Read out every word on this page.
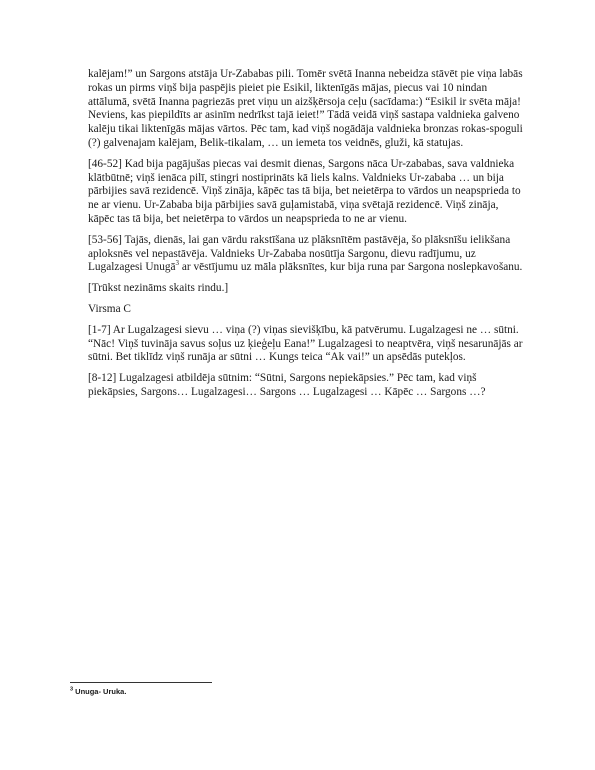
kalējam!” un Sargons atstāja Ur-Zababas pili. Tomēr svētā Inanna nebeidza stāvēt pie viņa labās
rokas un pirms viņš bija paspējis pieiet pie Esikil, liktenīgās mājas, piecus vai 10 nindan
attālumā, svētā Inanna pagriezās pret viņu un aizšķērsoja ceļu (sacīdama:) “Esikil ir svēta māja!
Neviens, kas piepildīts ar asinīm nedrīkst tajā ieiet!” Tādā veidā viņš sastapa valdnieka galveno
kalēju tikai liktenīgās mājas vārtos. Pēc tam, kad viņš nogādāja valdnieka bronzas rokas-spoguli
(?) galvenajam kalējam, Belik-tikalam, … un iemeta tos veidnēs, gluži, kā statujas.
[46-52] Kad bija pagājušas piecas vai desmit dienas, Sargons nāca Ur-zababas, sava valdnieka
klātbūtnē; viņš ienāca pilī, stingri nostiprināts kā liels kalns. Valdnieks Ur-zababa … un bija
pārbijies savā rezidencē. Viņš zināja, kāpēc tas tā bija, bet neietērpa to vārdos un neapsprieda to
ne ar vienu. Ur-Zababa bija pārbijies savā guļamistabā, viņa svētajā rezidencē. Viņš zināja,
kāpēc tas tā bija, bet neietērpa to vārdos un neapsprieda to ne ar vienu.
[53-56] Tajās, dienās, lai gan vārdu rakstīšana uz plāksnītēm pastāvēja, šo plāksnīšu ielikšana
aploksnēs vel nepastāvēja. Valdnieks Ur-Zababa nosūtīja Sargonu, dievu radījumu, uz
Lugalzagesi Unugā$^3$ ar vēstījumu uz māla plāksnītes, kur bija runa par Sargona noslepkavošanu.
[Trūkst nezināms skaits rindu.]
Virsma C
[1-7] Ar Lugalzagesi sievu … viņa (?) viņas sievišķību, kā patvērumu. Lugalzagesi ne … sūtni.
“Nāc! Viņš tuvināja savus soļus uz ķieģeļu Eana!” Lugalzagesi to neaptvēra, viņš nesarunājās ar
sūtni. Bet tiklīdz viņš runāja ar sūtni … Kungs teica “Ak vai!” un apsēdās putekļos.
[8-12] Lugalzagesi atbildēja sūtnim: “Sūtni, Sargons nepiekāpsies.” Pēc tam, kad viņš
piekāpsies, Sargons… Lugalzagesi… Sargons … Lugalzagesi … Kāpēc … Sargons …?
$^3$ Unuga- Uruka.
